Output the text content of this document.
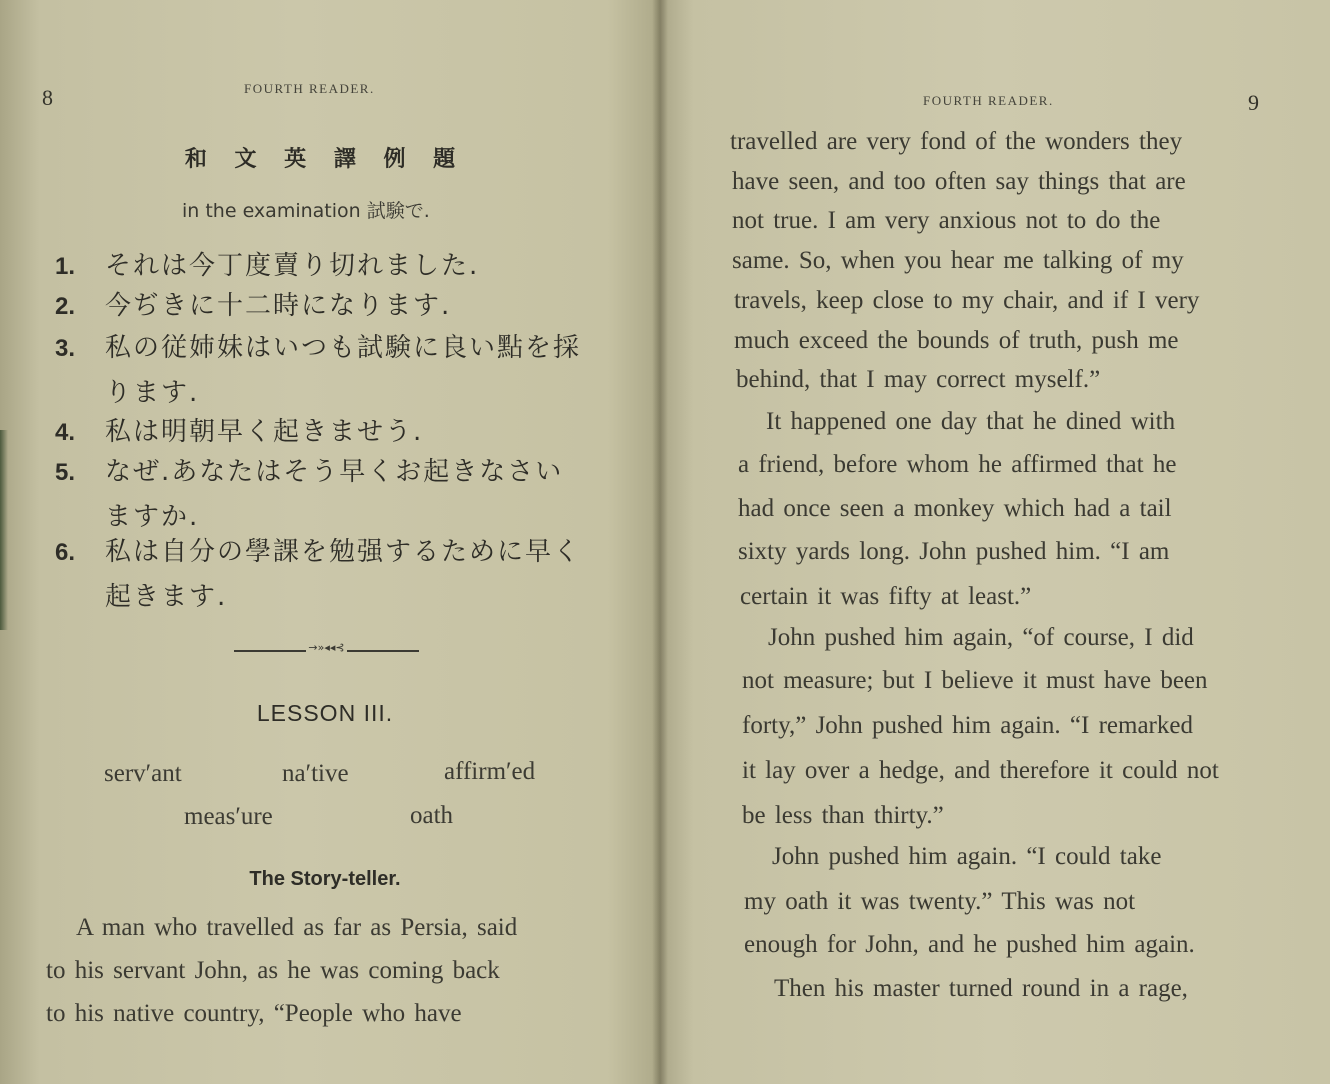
8	FOURTH READER.
和 文 英 譯 例 題
in the examination 試験で.
1. それは今丁度賣り切れました.
2. 今ぢきに十二時になります.
3. 私の従姉妹はいつも試験に良い點を採
ります.
4. 私は明朝早く起きませう.
5. なぜ.あなたはそう早くお起きなさい
ますか.
6. 私は自分の學課を勉强するために早く
起きます.
→»◂◂⊰
LESSON III.
serv′ant	na′tive	affirm′ed
meas′ure	oath
The Story-teller.
A man who travelled as far as Persia, said
to his servant John, as he was coming back
to his native country, “People who have
FOURTH READER.	9
travelled are very fond of the wonders they
have seen, and too often say things that are
not true. I am very anxious not to do the
same. So, when you hear me talking of my
travels, keep close to my chair, and if I very
much exceed the bounds of truth, push me
behind, that I may correct myself.”
It happened one day that he dined with
a friend, before whom he affirmed that he
had once seen a monkey which had a tail
sixty yards long. John pushed him. “I am
certain it was fifty at least.”
John pushed him again, “of course, I did
not measure; but I believe it must have been
forty,” John pushed him again. “I remarked
it lay over a hedge, and therefore it could not
be less than thirty.”
John pushed him again. “I could take
my oath it was twenty.” This was not
enough for John, and he pushed him again.
Then his master turned round in a rage,
